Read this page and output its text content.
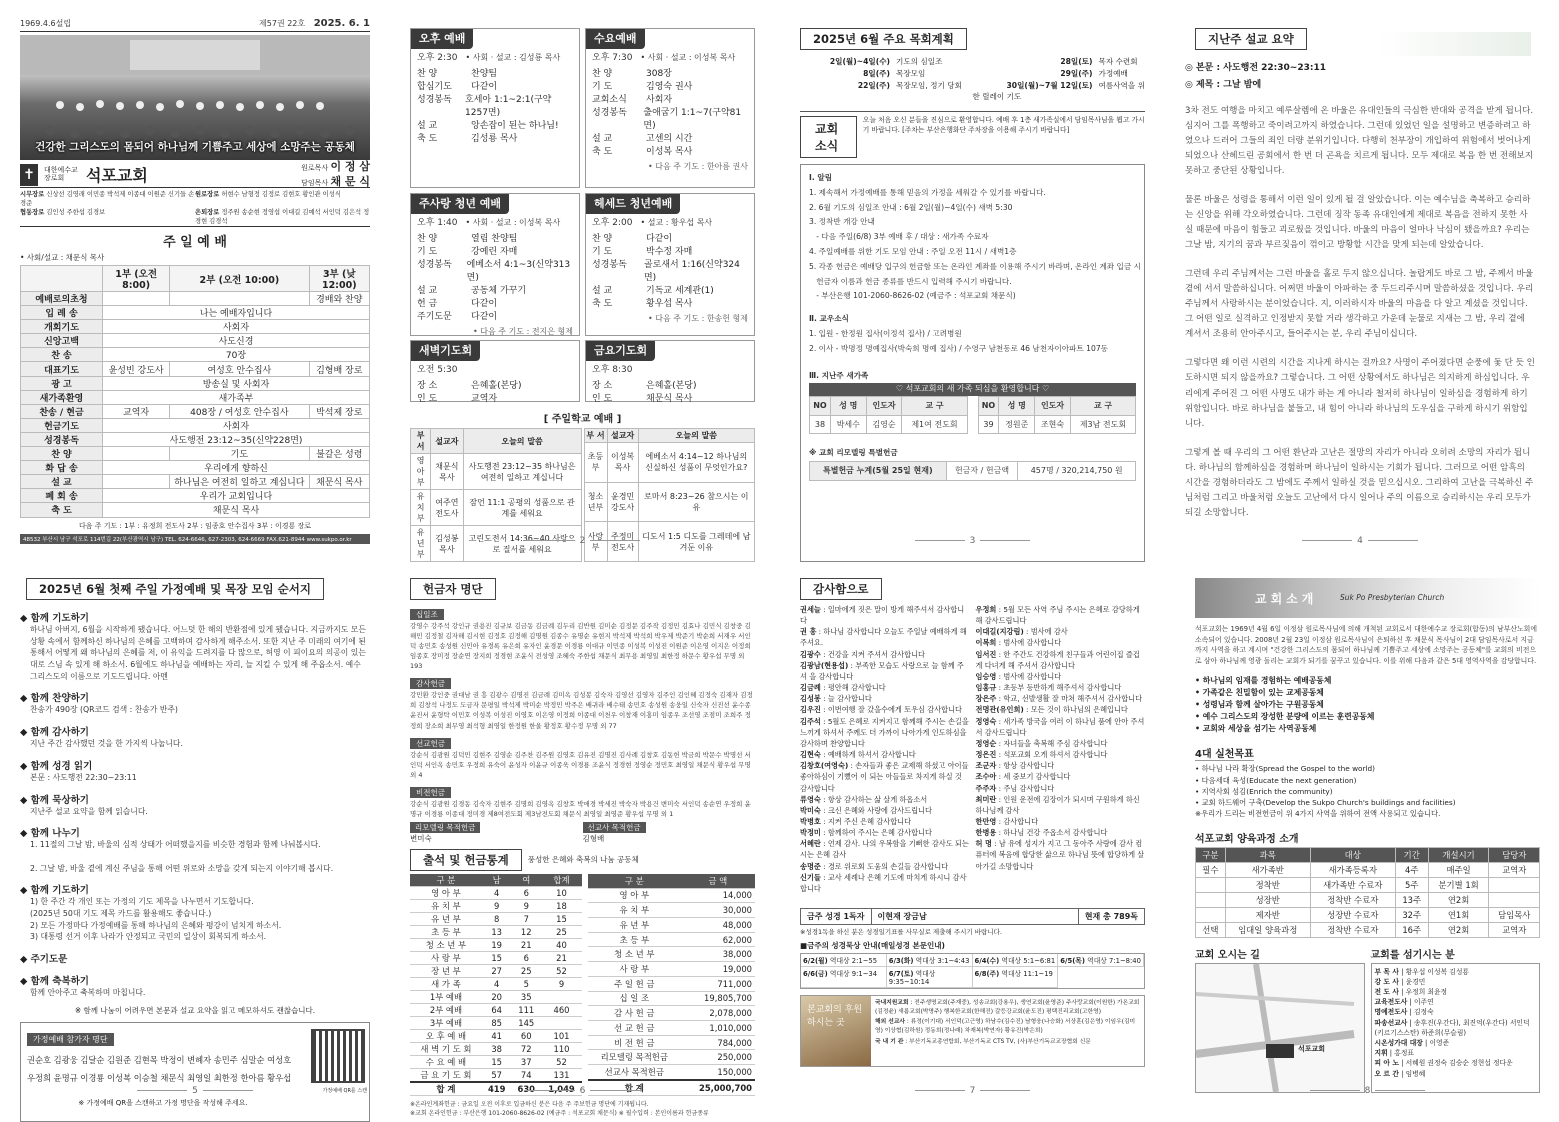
1969.4.6설립	제57권 22호 2025. 6. 1
건강한 그리스도의 몸되어 하나님께 기쁨주고 세상에 소망주는 공동체
✝	대한예수교 장로회	석포교회	원로목사 이 정 삼
담임목사 채 문 식
시무장로 신상선 김영래 이민종 박석제 이종대 이원준 신기들 손경준
원로장로 허현수 남형정 김정로 김현호 황인관 이성식
협동장로 김인성 주한섭 김경보	은퇴장로 정주원 송순현 정영섭 이대길 김예석 서인덕 김은석 정경현 김경석
주 일 예 배
• 사회/설교 : 채문식 목사
	1부 (오전 8:00)	2부 (오전 10:00)	3부 (낮 12:00)
예배로의초청			경배와 찬양
입 례 송	나는 예배자입니다		
개회기도	사회자		
신앙고백	사도신경		
찬 송	70장		
대표기도	윤성빈 강도사	여성호 안수집사	김형배 장로
광 고	방송실 및 사회자		
새가족환영	새가족부		
찬송 / 현금	교역자	408장 / 여성호 안수집사	박석제 장로
헌금기도	사회자		
성경봉독	사도행전 23:12~35(신약228면)		
찬 양		기도	불갈은 성령
화 답 송	우리에게 향하신		
설 교		하나님은 여전히 일하고 계십니다	채문식 목사
폐 회 송	우리가 교회입니다		
축 도	채문식 목사		
다음 주 기도 : 1부 : 유정희 전도사 2부 : 임종호 안수집사 3부 : 이경룡 장로
48532 부산시 남구 석포로 114번길 22(부산광역시 남구) TEL. 624-6646, 627-2303, 624-6669 FAX.621-8944 www.sukpo.or.kr
오후 예배
오후 2:30 • 사회 · 설교 : 김성룡 목사
찬 양	찬양팀
합심기도	다같이
성경봉독	호세아 1:1~2:1(구약1257면)
설 교	앙손잡이 된는 하나님!
축 도	김성룡 목사
수요예배
오후 7:30 • 사회 · 설교 : 이성복 목사
찬 양	308장
기 도	김영숙 권사
교회소식	사회자
성경봉독	출애굽기 1:1~7(구약81면)
설 교	고센의 시간
축 도	이성복 목사
• 다음 주 기도 : 한아름 권사
주사랑 청년 예배
오후 1:40 • 사회 · 설교 : 이성복 목사
찬 양	열림 찬양팀
기 도	강예린 자매
성경봉독	에베소서 4:1~3(신약313면)
설 교	공동체 가꾸기
헌 금	다같이
주기도문	다같이
• 다음 주 기도 : 전지은 형제
헤세드 청년예배
오후 2:00 • 설교 : 황우섭 목사
찬 양	다같이
기 도	박수정 자매
성경봉독	골로새서 1:16(신약324면)
설 교	기독교 세계관(1)
축 도	황우섭 목사
• 다음 주 기도 : 한송헌 형제
새벽기도회
오전 5:30
장 소	은혜홀(본당)
인 도	교역자
금요기도회
오후 8:30
장 소	은혜홀(본당)
인 도	채문식 목사
[ 주일학교 예배 ]
부 서	설교자	오늘의 말씀
영아부	채문식 목사	사도행전 23:12~35 하나님은 여전히 일하고 계십니다
유치부	여주연 전도사	잠언 11:1 공평의 성품으로 관계를 세워요
유년부	김성봉 목사	고린도전서 14:36~40 사랑으로 질서를 세워요
부 서	설교자	오늘의 말씀
초등부	이성복 목사	에베소서 4:14~12 하나님의 신실하신 성품이 무엇인가요?
청소년부	윤경민 강도사	로마서 8:23~26 참으시는 이유
사랑부	주정미 전도사	디도서 1:5 디도를 그레데에 남겨둔 이유
2
2025년 6월 주요 목회계획
2일(월)~4일(수) 기도의 심일조
8일(주) 목장모임
22일(주) 목장모임, 정기 당회
28일(토) 목자 수련회
29일(주) 가정예배
30일(월)~7월 12일(토) 여름사역을 위한 릴레이 기도
교회소식
오늘 처음 오신 분들을 진심으로 환영합니다. 예배 후 1층 새가족실에서 담임목사님을 뵙고 가시기 바랍니다. [주차는 부산은행화단 주차장을 이용해 주시기 바랍니다]
Ⅰ. 알림
1. 제속해서 가정예배를 통해 믿음의 가정을 세워갈 수 있기를 바랍니다.
2. 6월 기도의 심일조 안내 : 6월 2일(월)~4일(수) 새벽 5:30
3. 정착반 개강 안내
- 다음 주일(6/8) 3부 예배 후 / 대상 : 새가족 수료자
4. 주일예배를 위한 기도 모임 안내 : 주일 오전 11시 / 새벽1층
5. 각종 헌금은 예배당 입구의 헌금함 또는 온라인 계좌를 이용해 주시기 바라며, 온라인 계좌 입금 시
헌금자 이름과 헌금 종류를 반드시 입력해 주시기 바랍니다.
- 부산은행 101-2060-8626-02 (예금주 : 석포교회 채문식)
Ⅱ. 교우소식
1. 입원 - 한정원 집사(이정석 집사) / 고려병원
2. 이사 - 박명정 명예집사(박숙희 명예 집사) / 수영구 남천동로 46 남천자이아파트 107동
Ⅲ. 지난주 새가족
♡ 석포교회의 새 가족 되심을 환영합니다 ♡
NO	성 명	인도자	교 구
38	박세수	김영순	제1여 전도회
NO	성 명	인도자	교 구
39	정원준	조현숙	제3남 전도회
※ 교회 리모델링 특별헌금
특별헌금 누계(5월 25일 현재)	헌금자 / 헌금액	457명 / 320,214,750 원
3
지난주 설교 요약
◎ 본문 : 사도행전 22:30~23:11
◎ 제목 : 그날 밤에

3차 전도 여행을 마치고 예루살렘에 온 바울은 유대인들의 극심한 반대와 공격을 받게 됩니다. 심지어 그를 폭행하고 죽이려고까지 하였습니다. 그런데 있었던 일을 설명하고 변증하려고 하였으나 드러어 그들의 죄인 더량 분위기입니다. 다행히 천부장이 개입하여 위험에서 벗어나게 되었으나 산헤드린 공회에서 한 번 더 곤욕을 치르게 됩니다. 모두 제대로 복음 한 번 전해보지 못하고 중단된 상황입니다.

물론 바울은 성령을 통해서 이런 일이 있게 될 걸 알았습니다. 이는 예수님을 축복하고 승리하는 신앙을 위해 각오하였습니다. 그런데 징작 동족 유대인에게 제대로 복음을 전하지 못한 사실 때문에 마음이 힘들고 괴로웠을 것입니다. 바울의 마음이 얼마나 낙심이 됐을까요? 우리는 그날 밤, 지기의 꿈과 부르짖음이 꺾이고 방황할 시간을 맞게 되는데 알았습니다.

그런데 우리 주님께서는 그런 바울을 홀로 두지 않으십니다. 놀랍게도 바로 그 밤, 주께서 바울 곁에 서서 말씀하십니다. 어쩌면 바울이 아파하는 중 두드리주시며 말씀하셨을 것입니다. 우리 주님께서 사랑하시는 분이었습니다. 지, 이러하시자 바울의 마음을 다 알고 계셨을 것입니다. 그 어떤 일로 실격하고 인정받지 못할 거라 생각하고 가운데 눈물로 지새는 그 밤, 우리 곁에 계셔서 조용히 안아주시고, 들어주시는 분, 우리 주님이십니다.

그렇다면 왜 이런 시련의 시간을 지나게 하시는 걸까요? 사명이 주어졌다면 순풍에 돛 단 듯 인도하시면 되지 않을까요? 그렇습니다. 그 어떤 상황에서도 하나님은 의지하게 하심입니다. 우리에게 주어진 그 어떤 사명도 내가 하는 게 아니라 철저히 하나님이 일하심을 경험하게 하기 위함입니다. 바로 하나님을 붙들고, 내 힘이 아니라 하나님의 도우심을 구하게 하시기 위함입니다.

그렇게 볼 때 우리의 그 어떤 환난과 고난은 절망의 자리가 아니라 오히려 소망의 자리가 됩니다. 하나님의 함께하심을 경험하며 하나님이 일하시는 기회가 됩니다. 그러므로 어떤 암흑의 시간을 경험하더라도 그 밤에도 주께서 일하실 것을 믿으십시오. 그리하여 고난을 극복하신 주님처럼 그리고 바울처럼 오늘도 고난에서 다시 일어나 주의 이름으로 승리하시는 우리 모두가 되길 소망합니다.

4
2025년 6월 첫째 주일 가정예배 및 목장 모임 순서지
◆ 함께 기도하기
하나님 아버지, 6월을 시작하게 됐습니다. 어느덧 한 해의 반환점에 있게 됐습니다. 지금까지도 모든 상황 속에서 함께하신 하나님의 은혜를 고백하며 감사하게 해주소서. 또한 지난 주 미래의 여기에 된 통해서 어떻게 왜 하나님의 은혜를 저, 이 유익을 드려지를 다 많으로, 허영 이 피이요의 의공이 있는 대로 스님 속 있게 해 하소서. 6월에도 하나님을 예배하는 자리, 늘 지킬 수 있게 해 주옵소서. 예수 그리스도의 이름으로 기도드립니다. 아멘
◆ 함께 찬양하기
찬송가 490장 (QR코드 검색 : 찬송가 반주)
◆ 함께 감사하기
지난 주간 감사했던 것을 한 가지씩 나눕니다.
◆ 함께 성경 읽기
본문 : 사도행전 22:30~23:11
◆ 함께 묵상하기
지난주 설교 요약을 함께 읽습니다.
◆ 함께 나누기
1. 11절의 그날 밤, 바울의 심적 상태가 어떠했을지를 비슷한 경험과 함께 나눠봅시다.

2. 그날 밤, 바울 곁에 계신 주님을 통해 어떤 위로와 소망을 갖게 되는지 이야기해 봅시다.
◆ 함께 기도하기
1) 한 주간 각 개인 또는 가정의 기도 제목을 나누면서 기도합니다.
(2025년 50대 기도 제목 카드를 활용해도 좋습니다.)
2) 모든 가정마다 가정예배를 통해 하나님의 은혜와 평강이 넘치게 하소서.
3) 대통령 선거 이후 나라가 안정되고 국민의 일상이 회복되게 하소서.
◆ 주기도문
◆ 함께 축복하기
함께 안아주고 축복하며 마칩니다.
※ 함께 나눔이 어려우면 본문과 설교 요약을 읽고 메모하셔도 괜찮습니다.
가정예배 참가자 명단
권순호 김광웅 김달순 김원준 김현목 박정이 변혜자 송민주 심말순 여성호
우정희 윤명규 이경룡 이성복 이승철 채문식 최영일 최한정 한아름 황우섭
※ 가정예배 QR을 스캔하고 가정 명단을 작성해 주세요.
가정예배 QR를 스캔
5
헌금자 명단
십일조
강영수 강주석 강인규 권용진 김규보 김금동 김금례 김두리 김반원 김미순 김정문 김주작 김정민 김효나 김민식 김창중 김해민 김정철 김자해 김시현 김정호 김정해 김명원 김종수 유명순 유현지 박석제 박석희 박우제 박준기 박순희 서재우 서인덕 송민호 송성원 신민아 유경록 유은희 유자인 윤경문 이경룡 이대규 이민종 이성복 이성진 이원준 이은영 이지은 이정희 임종호 장미정 장순연 장지희 정경현 조윤식 전성영 조혜숙 주한섭 채문식 최무용 최영일 최한정 하문수 황우섭 무명 외 193
감사헌금
강민환 강인중 권대남 권 흥 김광수 김명진 김금례 김미옥 김성봉 김숙자 김영선 김영자 김주인 김인혜 김정숙 김재자 김정희 김창석 나정도 도금자 문평일 박석제 박미순 박정민 박주은 배귀라 배수태 송민호 송성원 송웅일 신숙자 신진선 윤수종 윤진서 윤형탁 이민호 이성복 이성진 이영호 이은영 이정희 이종대 이천우 이창재 이홍미 임종우 조선영 조점미 조희주 정정희 장소희 최무영 최석형 최영일 한정원 한울 황정호 황수정 무명 외 77
선교헌금
강순식 김광원 김덕민 김현주 김영순 김주찬 김주원 김영호 김유진 김명진 김사례 김창호 김동헌 박금희 박문수 박명선 서인덕 서인옥 송민호 우정희 유숙이 윤성자 이윤규 이종욱 이경룡 조윤식 정경현 정영순 정민호 최영일 채문식 황우섭 무명 외 4
비전헌금
강순식 김광원 김경동 김숙자 김현주 김명희 김영옥 김창호 박애경 박세진 박숙자 박용건 변미숙 서인덕 송순연 우정희 윤명규 이경룡 이종대 정미경 제8여전도회 제3남전도회 채문식 최영일 최영준 황우섭 무명 외 1
리모델링 목적헌금
변미숙
선교사 목적헌금
김형배
출석 및 헌금통계	풍성한 은혜와 축복의 나눔 공동체
구 분	남	여	합계
영 아 부	4	6	10
유 치 부	9	9	18
유 년 부	8	7	15
초 등 부	13	12	25
청 소 년 부	19	21	40
사 랑 부	15	6	21
장 년 부	27	25	52
새 가 족	4	5	9
1부 예배	20	35	
2부 예배	64	111	460
3부 예배	85	145	
오 후 예 배	41	60	101
새 벽 기 도 회	38	72	110
수 요 예 배	15	37	52
금 요 기 도 회	57	74	131
합 계	419	630	1,049
구 분	금 액
영 아 부	14,000
유 치 부	30,000
유 년 부	48,000
초 등 부	62,000
청 소 년 부	38,000
사 랑 부	19,000
주 일 헌 금	711,000
십 일 조	19,805,700
감 사 헌 금	2,078,000
선 교 헌 금	1,010,000
비 전 헌 금	784,000
리모델링 목적헌금	250,000
선교사 목적헌금	150,000
합 계	25,000,700
※온라인계좌헌금 : 금요일 오전 이후로 입금하신 분은 다음 주 주보헌금 명단에 기재됩니다.
※교회 온라인헌금 : 부산은행 101-2060-8626-02 (예금주 : 석포교회 채문식) ※ 필수입력 : 본인이름과 헌금종류
6
감사함으로
권세늘 : 일마에게 짓은 말이 방게 해주셔서 감사합니다
권 흥 : 하나님 감사합니다 오늘도 주일날 예배하게 해 주셔요.
김광수 : 건강을 지켜 주셔서 감사합니다
김광남(현용섭) : 부족한 모습도 사랑으로 늘 함께 주셔 을 감사합니다
김금례 : 평안해 감사합니다
김성봉 : 늘 감사합니다
김우진 : 이번여행 잘 갔을수에게 토우심 감사합니다
김주석 : 5월도 은혜로 지켜지고 함께해 주시는 손길을 느끼게 하셔서 주께도 더 가까이 나아가게 인도하심을 감사하며 찬양합니다
김현숙 : 예배하게 하셔서 감사합니다
김창호(여영숙) : 손자들과 좋은 교제해 하셨고 아이들 좋아하심이 기뻤어 이 되는 아들들로 차지게 하실 것 감사합니다
류영숙 : 항상 감사하는 삶 살게 하옵소서
박미숙 : 크신 은혜와 사랑에 감사드립니다
박병호 : 지켜 주신 은혜 감사합니다
박정미 : 함께하여 주시는 은혜 감사합니다
서혜란 : 언제 감사. 나의 우복함을 기뻐한 감사도 되는 시는 은혜 감사
송명준 : 경로 위로회 도움의 손길들 감사합니다
신기들 : 교사 세례나 은혜 기도에 마치게 하시니 감사합니다
우정희 : 5월 모든 사역 주님 주시는 은혜로 감당하게 해 감사드립니다
이대길(지강림) : 범사에 감사
이복희 : 범사에 감사합니다
임서진 : 한 주간도 건강하게 친구들과 어린이집 즐겁게 다녀게 해 주셔서 감사합니다
임승영 : 범사에 감사합니다
임홍규 : 초등부 등반하게 해주셔서 감사합니다
장은주 : 학교, 선발생활 잘 마쳐 해주셔서 감사합니다
전명관(유인희) : 모든 것이 하나님의 은혜입니다
정영숙 : 새가족 방국을 여러 이 하나님 품에 안아 주셔서 감사드립니다
정영순 : 자녀들을 축복해 주심 감사합니다
정은진 : 석포교회 오게 하셔서 감사합니다
조군자 : 항상 감사합니다
조수아 : 세 중보기 감사합니다
주주자 : 주님 감사합니다
최미란 : 인원 운전에 김장이가 되시며 구원하게 하신 하나님께 감사
한만영 : 감사합니다
한병용 : 하나님 건강 주옵소서 감사합니다
허 명 : 남 유에 성지가 지고 그 동아주 사랑에 감사 컴퓨터에 복음에 합당한 삶으로 하나님 뜻에 합당하게 살아가길 소망합니다
금주 성경 1독자	이현재 장금남	현재 총 789독
※성경1독을 하신 분은 성경일기표를 사무실로 제출해 주시기 바랍니다.
■금주의 성경묵상 안내(매일성경 본문인내)
6/2(월) 역대상 2:1~55	6/3(화) 역대상 3:1~4:43 6/4(수) 역대상 5:1~6:81 6/5(목) 역대상 7:1~8:40
6/6(금) 역대상 9:1~34	6/7(토) 역대상 9:35~10:14
6/8(주) 역대상 11:1~19
본교회의 후원하시는 곳
국내지원교회 : 전주생명교회(주재중), 성송교회(강용우), 생연교회(윤영준) 주사랑교회(이원한) 가온교회(김정윤) 새롬교회(박명주) 행복한교회(한해진) 갈등강교회(윤도진) 평택진리교회(고한영)
해외 선교사 : 류정(이기대) 서인덕(고근영) 하남수(김수진) 남형웅(나승화) 서상훈(김은영) 이임우(김미영) 이상협(김하원) 정동희(정나래) 차재복(박연자) 황유진(박은희)
국 내 기 관 : 부산기독교총연합회, 부산기독교 CTS TV, (사)부산기독교교장협회 신문
7
교회소개	Suk Po Presbyterian Church
석포교회는 1969년 4월 6일 이정삼 원로목사님에 의해 개척된 교회로서 대한예수교 장로회(합동)의 남부산노회에 소속되어 있습니다. 2008년 2월 23일 이정삼 원로목사님이 은퇴하신 후 채문식 목사님이 2대 담임목사로서 지금까지 사역을 하고 계시며 "건강한 그리스도의 몸되어 하나님께 기쁨주고 세상에 소망주는 공동체"를 교회의 비전으로 삼아 하나님께 영광 돌리는 교회가 되기를 꿈꾸고 있습니다. 이를 위해 다음과 같은 5대 영역사역을 감당합니다.
• 하나님의 임재를 경험하는 예배공동체
• 가족같은 친밀함이 있는 교제공동체
• 성령님과 함께 살아가는 구원공동체
• 예수 그리스도의 장성한 분량에 이르는 훈련공동체
• 교회와 세상을 섬기는 사역공동체
4대 실천목표
• 하나님 나라 확장(Spread the Gospel to the world)
• 다음세대 육성(Educate the next generation)
• 지역사회 섬김(Enrich the community)
• 교회 하드웨어 구축(Develop the Sukpo Church's buildings and facilities)
※우리가 드리는 비전헌금이 위 4가지 사역을 위하여 전액 사용되고 있습니다.
석포교회 양육과정 소개
구분	과목	대상	기간	개설시기	담당자
필수	새가족반	새가족등록자	4주	매주일	교역자
	정착반	새가족반 수료자	5주	분기별 1회	
	성장반	정착반 수료자	13주	연2회	
	제자반	성장반 수료자	32주	연1회	담임목사
선택	임대일 양육과정	정착반 수료자	16주	연2회	교역자
교회 오시는 길
석포교회
교회를 섬기시는 분
부 목 사 | 황우섭 이성복 김성룡
강 도 사 | 윤경민
전 도 사 | 우정희 최윤정
교육전도사 | 이주연
명예전도사 | 김정숙
파송선교사 | 송후진(우간다), 최진억(우간다) 서인덕(키르기스스탄) 하준희(무슬림)
시온성가대 대장 | 이영준
지휘 | 홍정표
피 아 노 | 서혜원 권정숙 김승순 정현섭 정다운
오 르 간 | 임병혜
8
